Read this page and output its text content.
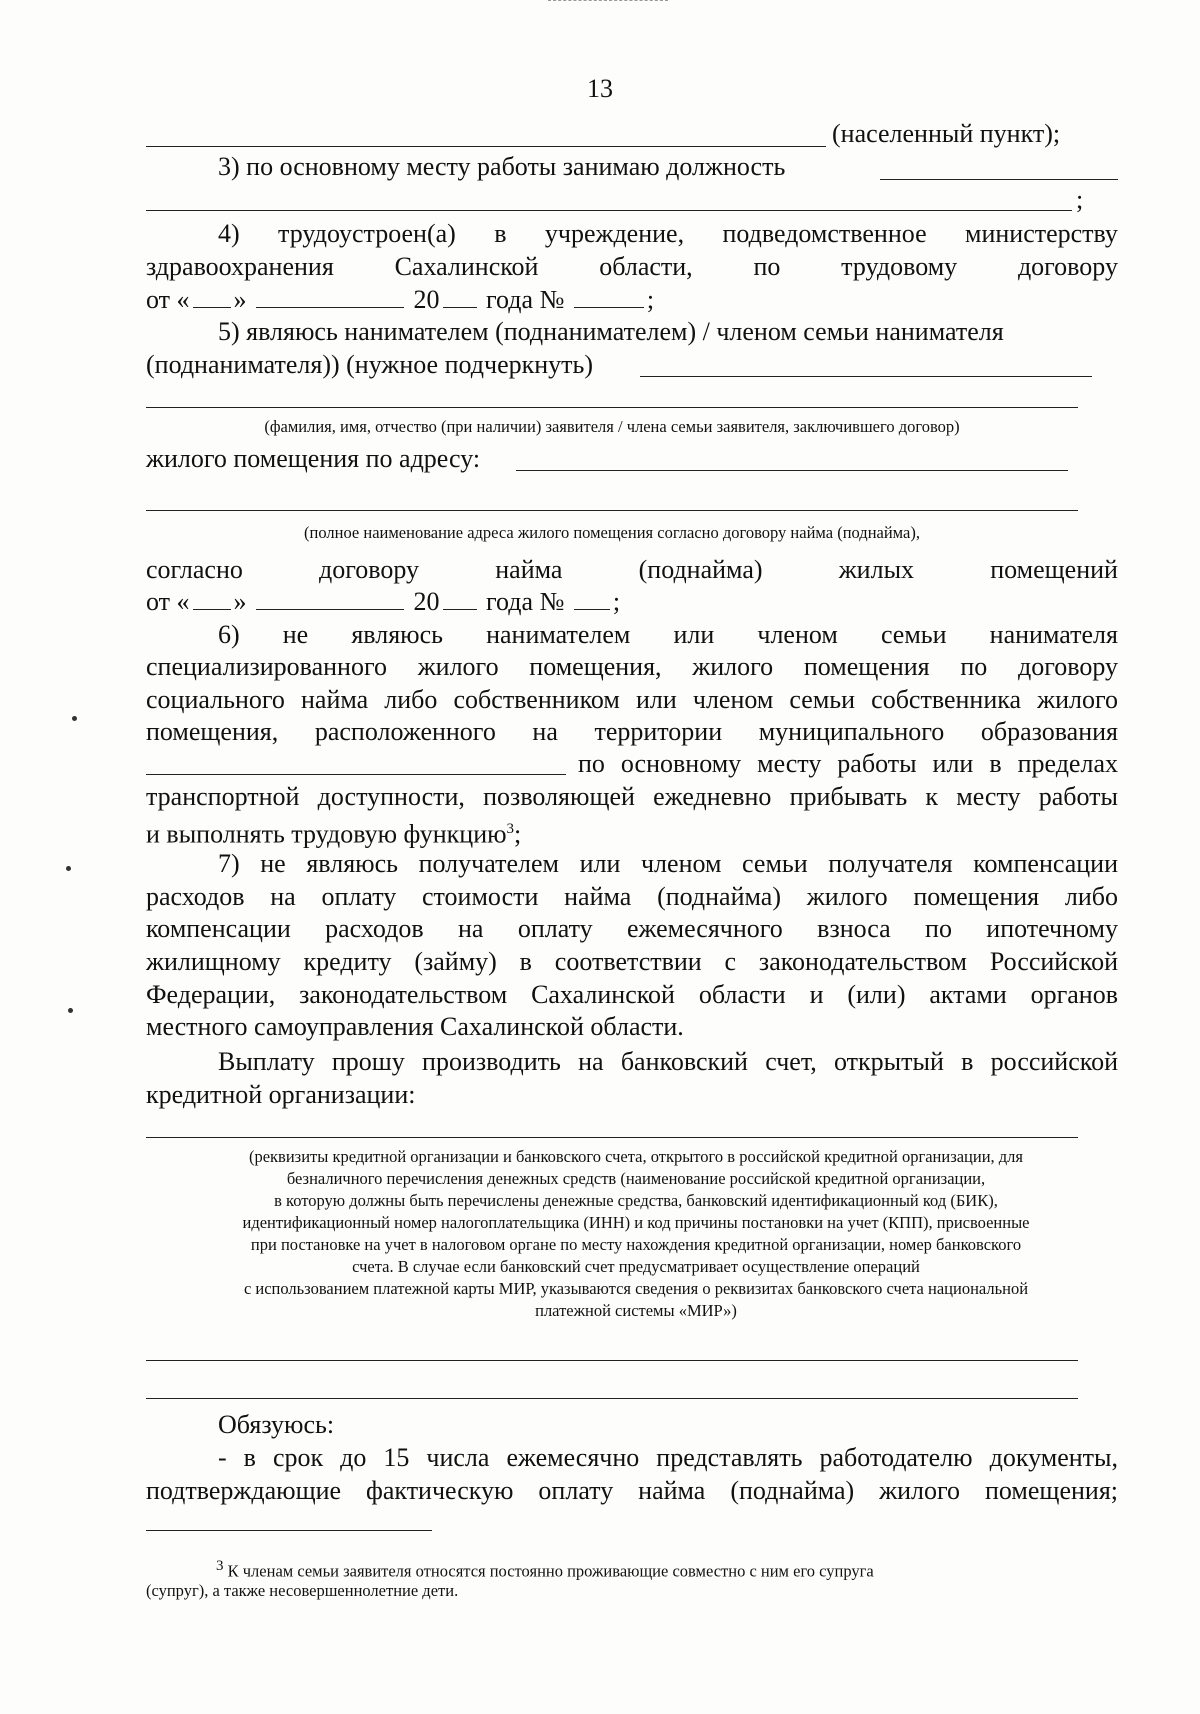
13
(населенный пункт);
3) по основному месту работы занимаю должность
;
4) трудоустроен(а) в учреждение, подведомственное министерству
здравоохранения Сахалинской области, по трудовому договору
от « »	20 года №	;
5) являюсь нанимателем (поднанимателем) / членом семьи нанимателя
(поднанимателя)) (нужное подчеркнуть)
(фамилия, имя, отчество (при наличии) заявителя / члена семьи заявителя, заключившего договор)
жилого помещения по адресу:
(полное наименование адреса жилого помещения согласно договору найма (поднайма),
согласно	договору	найма	(поднайма)	жилых	помещений
от « »	20 года № ;
6) не являюсь нанимателем или членом семьи нанимателя
специализированного жилого помещения, жилого помещения по договору
социального найма либо собственником или членом семьи собственника жилого
помещения, расположенного на территории муниципального образования
по основному месту работы или в пределах
транспортной доступности, позволяющей ежедневно прибывать к месту работы
и выполнять трудовую функцию$^3$;
7) не являюсь получателем или членом семьи получателя компенсации
расходов на оплату стоимости найма (поднайма) жилого помещения либо
компенсации расходов на оплату ежемесячного взноса по ипотечному
жилищному кредиту (займу) в соответствии с законодательством Российской
Федерации, законодательством Сахалинской области и (или) актами органов
местного самоуправления Сахалинской области.
Выплату прошу производить на банковский счет, открытый в российской
кредитной организации:
(реквизиты кредитной организации и банковского счета, открытого в российской кредитной организации, для
безналичного перечисления денежных средств (наименование российской кредитной организации,
в которую должны быть перечислены денежные средства, банковский идентификационный код (БИК),
идентификационный номер налогоплательщика (ИНН) и код причины постановки на учет (КПП), присвоенные
при постановке на учет в налоговом органе по месту нахождения кредитной организации, номер банковского
счета. В случае если банковский счет предусматривает осуществление операций
с использованием платежной карты МИР, указываются сведения о реквизитах банковского счета национальной
платежной системы «МИР»)
Обязуюсь:
- в срок до 15 числа ежемесячно представлять работодателю документы,
подтверждающие фактическую оплату найма (поднайма) жилого помещения;
$^3$ К членам семьи заявителя относятся постоянно проживающие совместно с ним его супруга
(супруг), а также несовершеннолетние дети.
